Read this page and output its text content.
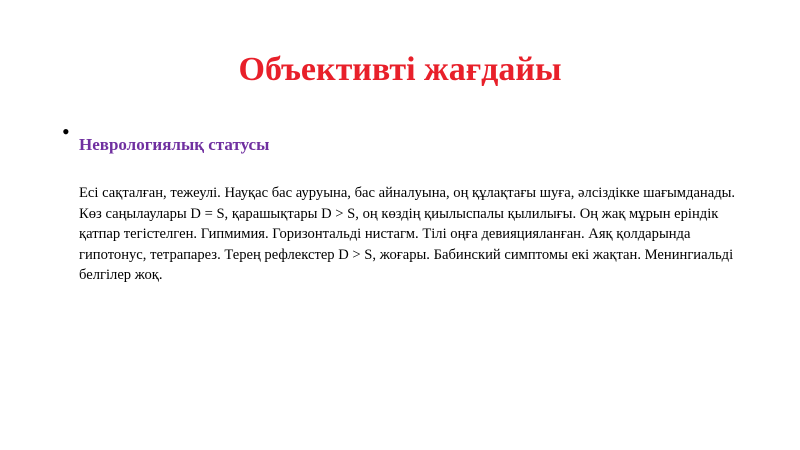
Объективті жағдайы
•
Неврологиялық статусы

Есі сақталған, тежеулі. Науқас бас ауруына, бас айналуына, оң құлақтағы шуға, әлсіздікке шағымданады. Көз саңылаулары D = S, қарашықтары D > S, оң көздің қиылыспалы қылилығы. Оң жақ мұрын еріндік қатпар тегістелген. Гипмимия. Горизонтальді нистагм. Тілі оңға девияцияланған. Аяқ қолдарында гипотонус, тетрапарез. Терең рефлекстер D > S, жоғары. Бабинский симптомы екі жақтан. Менингиальді белгілер жоқ.
